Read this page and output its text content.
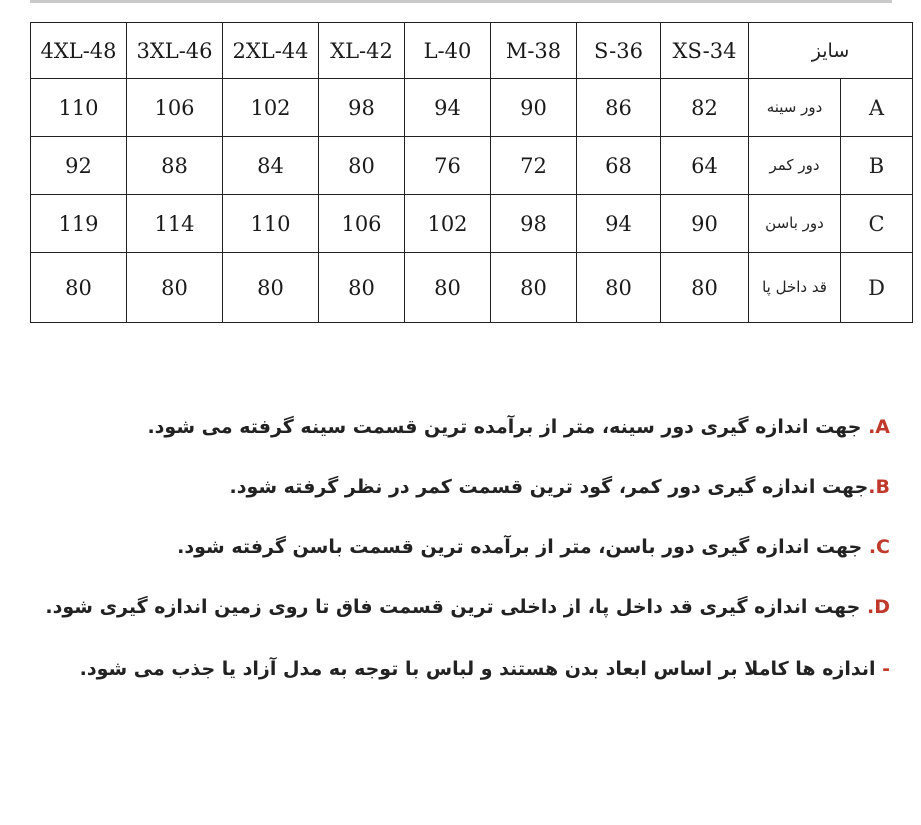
4XL-48	3XL-46	2XL-44	XL-42	L-40	M-38	S-36	XS-34	سایز	
110	106	102	98	94	90	86	82	دور سینه	A
92	88	84	80	76	72	68	64	دور کمر	B
119	114	110	106	102	98	94	90	دور باسن	C
80	80	80	80	80	80	80	80	قد داخل پا	D

A. جهت اندازه گیری دور سینه، متر از برآمده ترین قسمت سینه گرفته می شود.

B.جهت اندازه گیری دور کمر، گود ترین قسمت کمر در نظر گرفته شود.

C. جهت اندازه گیری دور باسن، متر از برآمده ترین قسمت باسن گرفته شود.

D. جهت اندازه گیری قد داخل پا، از داخلی ترین قسمت فاق تا روی زمین اندازه گیری شود.

- اندازه ها کاملا بر اساس ابعاد بدن هستند و لباس با توجه به مدل آزاد یا جذب می شود.
